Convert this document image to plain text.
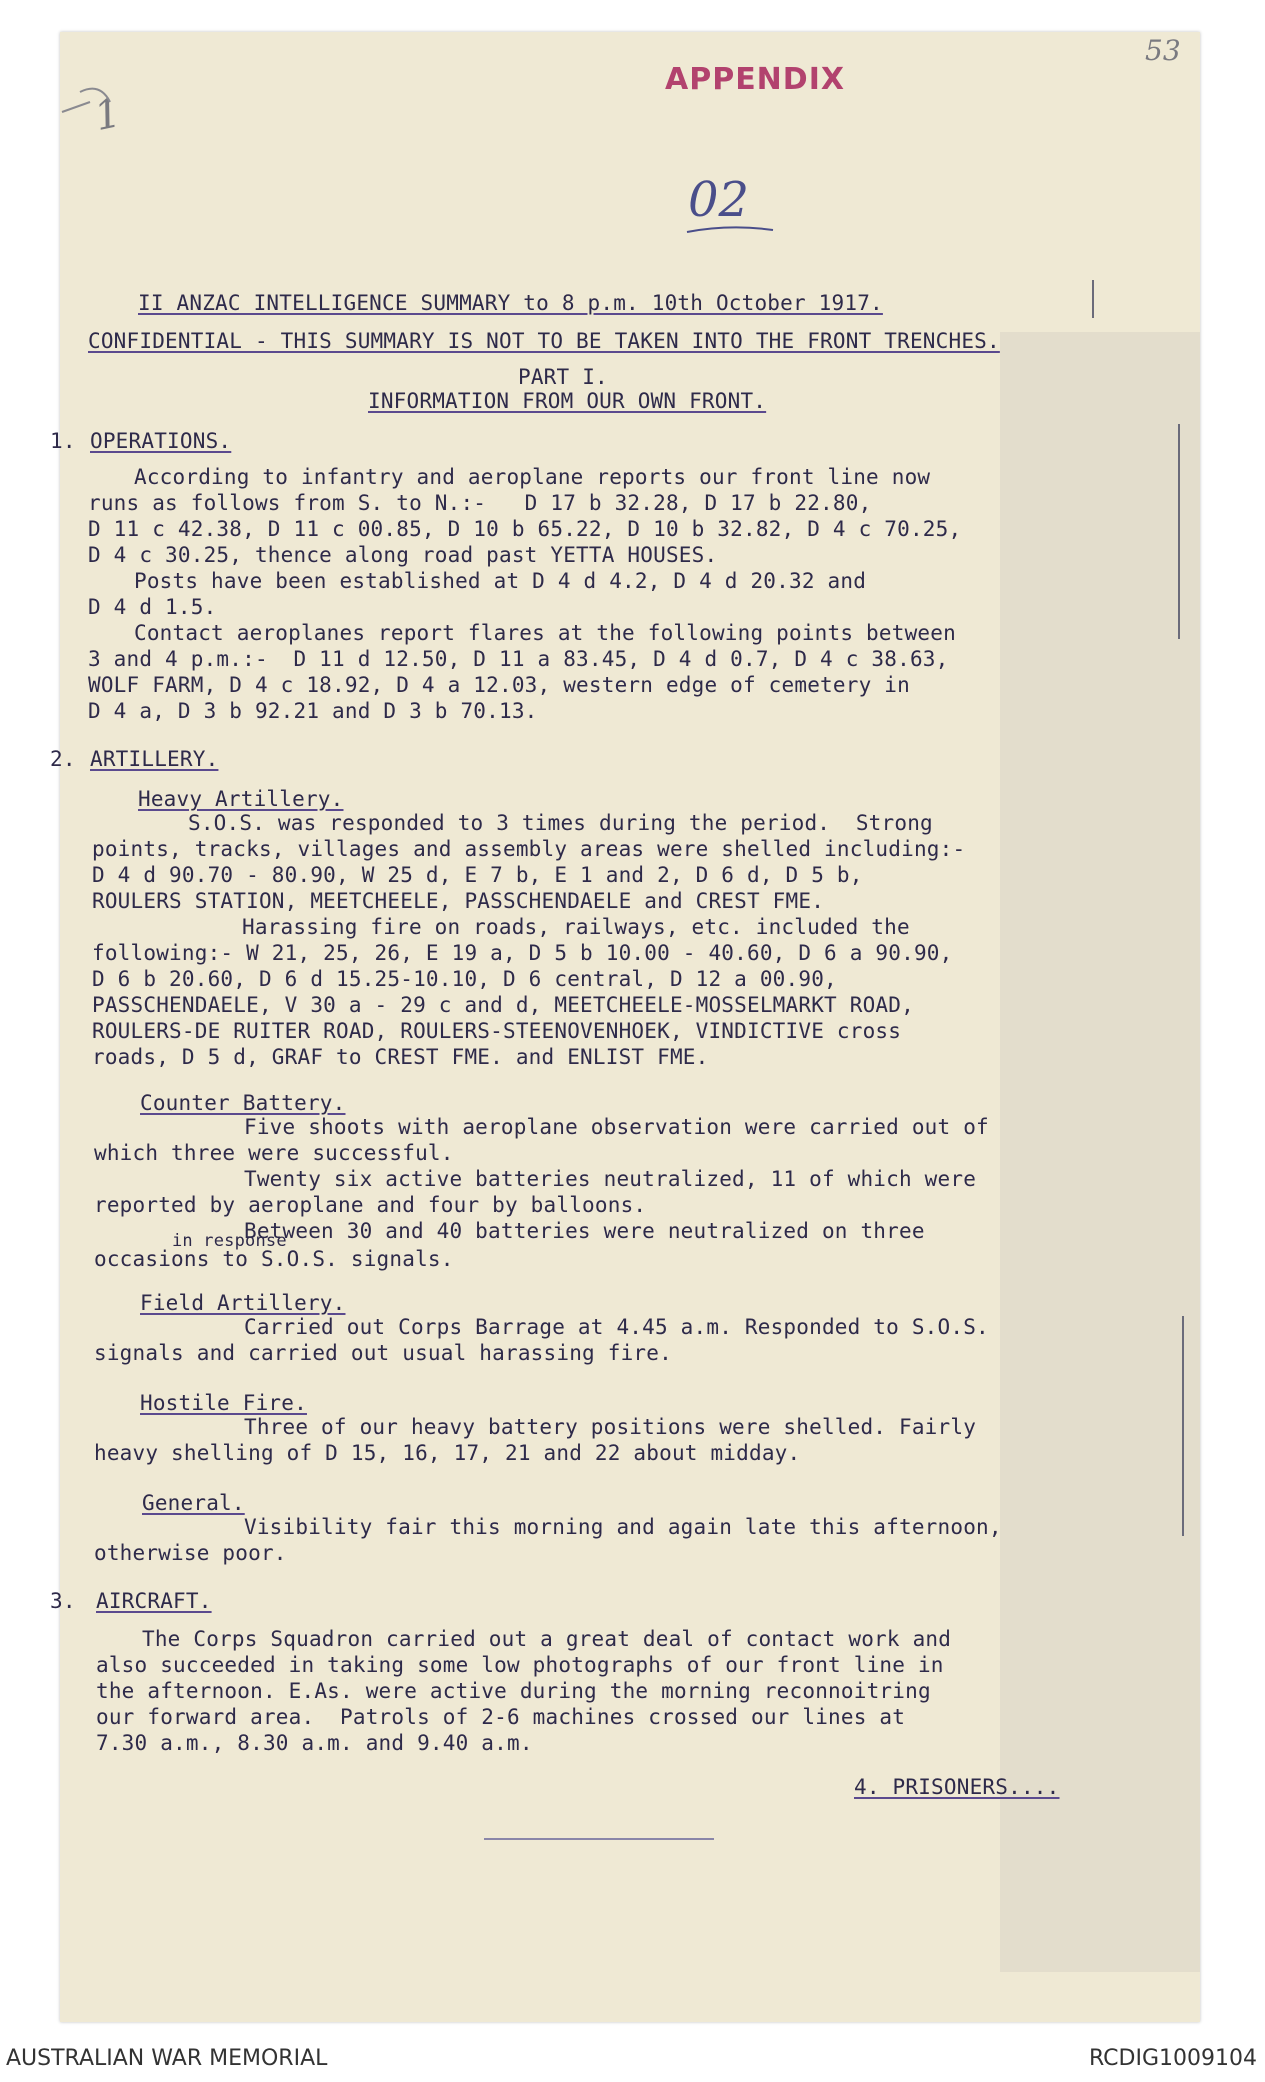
APPENDIX
53
1
02
II ANZAC INTELLIGENCE SUMMARY to 8 p.m. 10th October 1917.
CONFIDENTIAL - THIS SUMMARY IS NOT TO BE TAKEN INTO THE FRONT TRENCHES.
PART I.
INFORMATION FROM OUR OWN FRONT.
1. OPERATIONS.
According to infantry and aeroplane reports our front line now
runs as follows from S. to N.:-   D 17 b 32.28, D 17 b 22.80,
D 11 c 42.38, D 11 c 00.85, D 10 b 65.22, D 10 b 32.82, D 4 c 70.25,
D 4 c 30.25, thence along road past YETTA HOUSES.
Posts have been established at D 4 d 4.2, D 4 d 20.32 and
D 4 d 1.5.
Contact aeroplanes report flares at the following points between
3 and 4 p.m.:-  D 11 d 12.50, D 11 a 83.45, D 4 d 0.7, D 4 c 38.63,
WOLF FARM, D 4 c 18.92, D 4 a 12.03, western edge of cemetery in
D 4 a, D 3 b 92.21 and D 3 b 70.13.
2. ARTILLERY.
Heavy Artillery.
S.O.S. was responded to 3 times during the period.  Strong
points, tracks, villages and assembly areas were shelled including:-
D 4 d 90.70 - 80.90, W 25 d, E 7 b, E 1 and 2, D 6 d, D 5 b,
ROULERS STATION, MEETCHEELE, PASSCHENDAELE and CREST FME.
Harassing fire on roads, railways, etc. included the
following:- W 21, 25, 26, E 19 a, D 5 b 10.00 - 40.60, D 6 a 90.90,
D 6 b 20.60, D 6 d 15.25-10.10, D 6 central, D 12 a 00.90,
PASSCHENDAELE, V 30 a - 29 c and d, MEETCHEELE-MOSSELMARKT ROAD,
ROULERS-DE RUITER ROAD, ROULERS-STEENOVENHOEK, VINDICTIVE cross
roads, D 5 d, GRAF to CREST FME. and ENLIST FME.
Counter Battery.
Five shoots with aeroplane observation were carried out of
which three were successful.
Twenty six active batteries neutralized, 11 of which were
reported by aeroplane and four by balloons.
Between 30 and 40 batteries were neutralized on three
in response
occasions to S.O.S. signals.
Field Artillery.
Carried out Corps Barrage at 4.45 a.m. Responded to S.O.S.
signals and carried out usual harassing fire.
Hostile Fire.
Three of our heavy battery positions were shelled. Fairly
heavy shelling of D 15, 16, 17, 21 and 22 about midday.
General.
Visibility fair this morning and again late this afternoon,
otherwise poor.
3. AIRCRAFT.
The Corps Squadron carried out a great deal of contact work and
also succeeded in taking some low photographs of our front line in
the afternoon. E.As. were active during the morning reconnoitring
our forward area.  Patrols of 2-6 machines crossed our lines at
7.30 a.m., 8.30 a.m. and 9.40 a.m.
4. PRISONERS....
AUSTRALIAN WAR MEMORIAL	RCDIG1009104
